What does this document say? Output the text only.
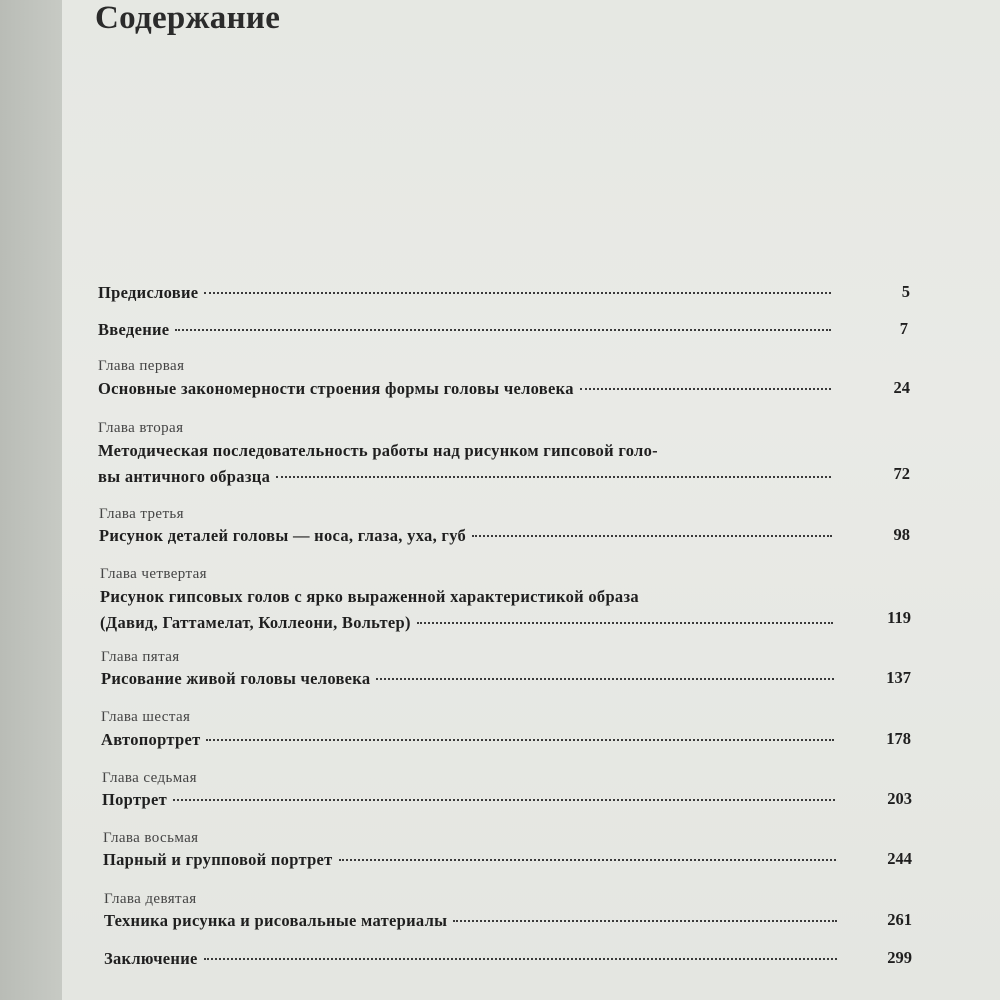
Содержание
Предисловие	5
Введение	7
Глава первая
Основные закономерности строения формы головы человека	24
Глава вторая
Методическая последовательность работы над рисунком гипсовой голо-
вы античного образца	72
Глава третья
Рисунок деталей головы — носа, глаза, уха, губ	98
Глава четвертая
Рисунок гипсовых голов с ярко выраженной характеристикой образа
(Давид, Гаттамелат, Коллеони, Вольтер)	119
Глава пятая
Рисование живой головы человека	137
Глава шестая
Автопортрет	178
Глава седьмая
Портрет	203
Глава восьмая
Парный и групповой портрет	244
Глава девятая
Техника рисунка и рисовальные материалы	261
Заключение	299
